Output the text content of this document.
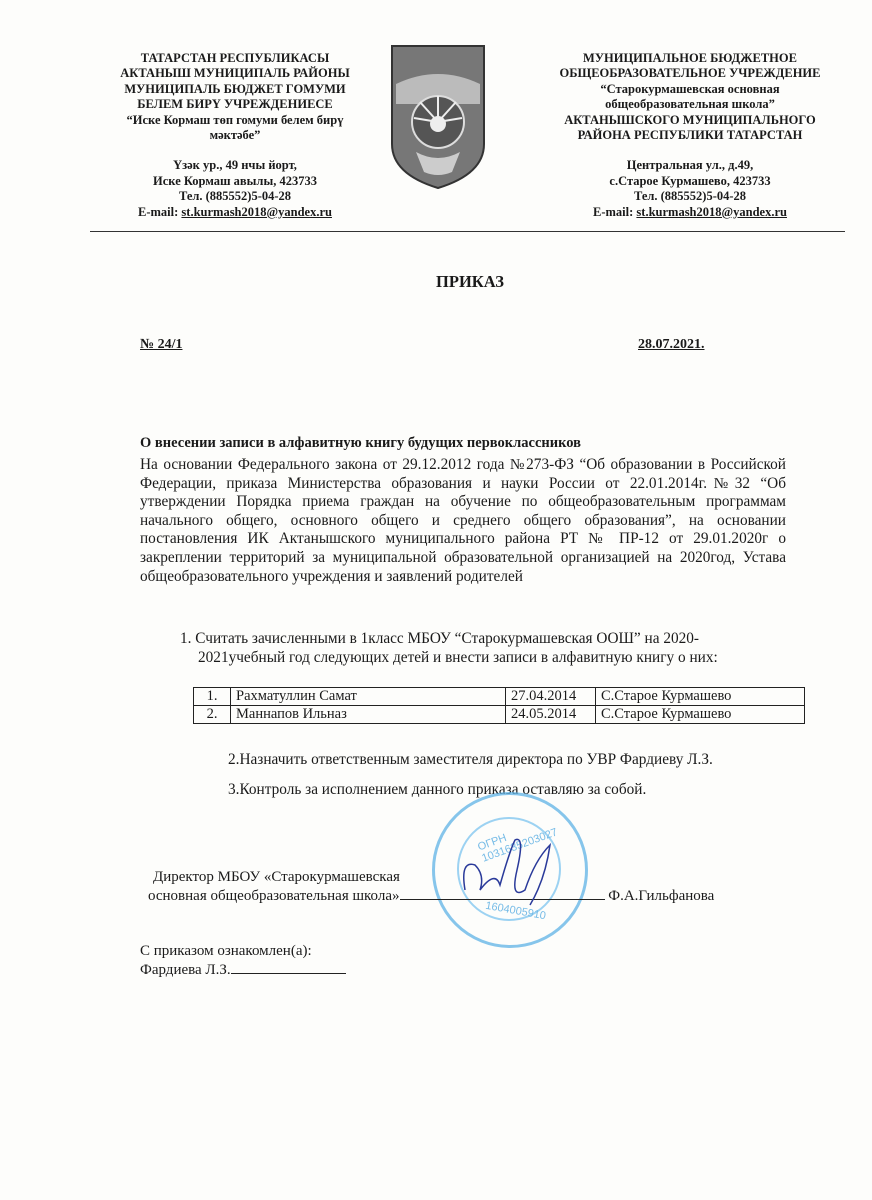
ТАТАРСТАН РЕСПУБЛИКАСЫ
АКТАНЫШ МУНИЦИПАЛЬ РАЙОНЫ
МУНИЦИПАЛЬ БЮДЖЕТ ГОМУМИ
БЕЛЕМ БИРҮ УЧРЕЖДЕНИЕСЕ
“Иске Кормаш төп гомуми белем бирү
мәктәбе”
Үзәк ур., 49 нчы йорт,
Иске Кормаш авылы, 423733
Тел. (885552)5-04-28
E-mail: st.kurmash2018@yandex.ru
МУНИЦИПАЛЬНОЕ БЮДЖЕТНОЕ
ОБЩЕОБРАЗОВАТЕЛЬНОЕ УЧРЕЖДЕНИЕ
“Старокурмашевская основная
общеобразовательная школа”
АКТАНЫШСКОГО МУНИЦИПАЛЬНОГО
РАЙОНА РЕСПУБЛИКИ ТАТАРСТАН
Центральная ул., д.49,
с.Старое Курмашево, 423733
Тел. (885552)5-04-28
E-mail: st.kurmash2018@yandex.ru
ПРИКАЗ
№ 24/1	28.07.2021.
О внесении записи в алфавитную книгу будущих первоклассников
На основании Федерального закона от 29.12.2012 года №273-ФЗ “Об образовании в Российской Федерации, приказа Министерства образования и науки России от 22.01.2014г.№32 “Об утверждении Порядка приема граждан на обучение по общеобразовательным программам начального общего, основного общего и среднего общего образования”, на основании постановления ИК Актанышского муниципального района РТ № ПР-12 от 29.01.2020г о закреплении территорий за муниципальной образовательной организацией на 2020год, Устава общеобразовательного учреждения и заявлений родителей
1. Считать зачисленными в 1класс МБОУ “Старокурмашевская ООШ” на 2020-
2021учебный год следующих детей и внести записи в алфавитную книгу о них:
1.	Рахматуллин Самат	27.04.2014	С.Старое Курмашево
2.	Маннапов Ильназ	24.05.2014	С.Старое Курмашево
2.Назначить ответственным заместителя директора по УВР Фардиеву Л.З.
3.Контроль за исполнением данного приказа оставляю за собой.
ОГРН 1031635203027
1604005910
Директор МБОУ «Старокурмашевская
основная общеобразовательная школа»	Ф.А.Гильфанова
С приказом ознакомлен(а):
Фардиева Л.З.
